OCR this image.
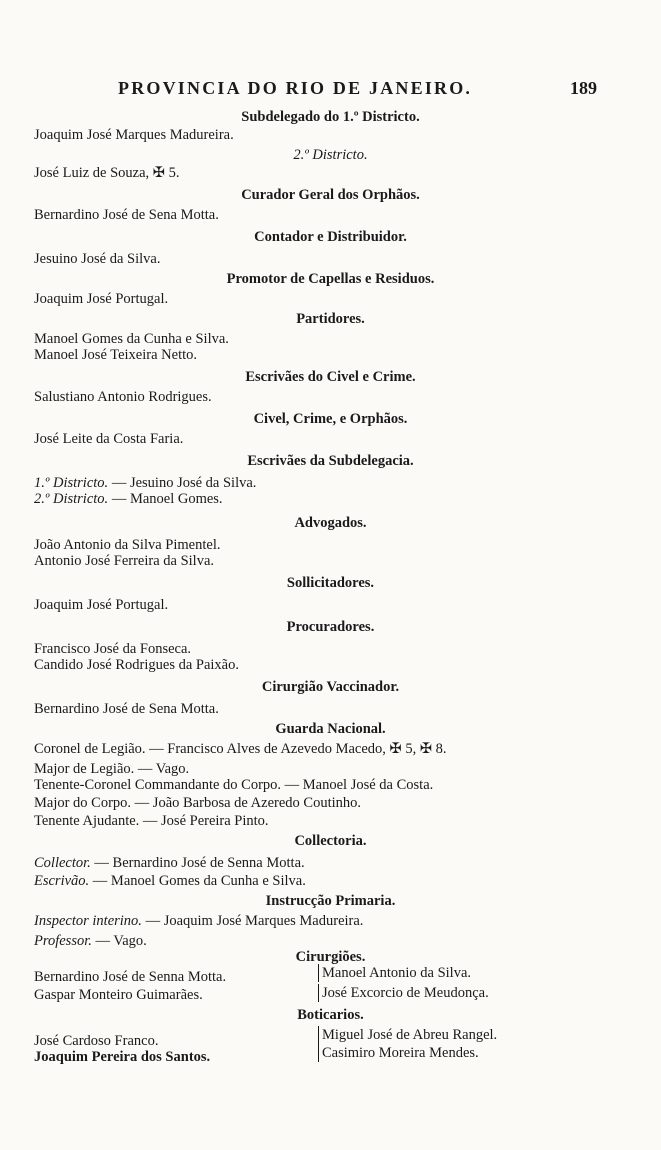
PROVINCIA DO RIO DE JANEIRO.	189
Subdelegado do 1.º Districto.
Joaquim José Marques Madureira.
2.º Districto.
José Luiz de Souza, ✠ 5.
Curador Geral dos Orphãos.
Bernardino José de Sena Motta.
Contador e Distribuidor.
Jesuino José da Silva.
Promotor de Capellas e Residuos.
Joaquim José Portugal.
Partidores.
Manoel Gomes da Cunha e Silva.
Manoel José Teixeira Netto.
Escrivães do Civel e Crime.
Salustiano Antonio Rodrigues.
Civel, Crime, e Orphãos.
José Leite da Costa Faria.
Escrivães da Subdelegacia.
1.º Districto. — Jesuino José da Silva.
2.º Districto. — Manoel Gomes.
Advogados.
João Antonio da Silva Pimentel.
Antonio José Ferreira da Silva.
Sollicitadores.
Joaquim José Portugal.
Procuradores.
Francisco José da Fonseca.
Candido José Rodrigues da Paixão.
Cirurgião Vaccinador.
Bernardino José de Sena Motta.
Guarda Nacional.
Coronel de Legião. — Francisco Alves de Azevedo Macedo, ✠ 5, ✠ 8.
Major de Legião. — Vago.
Tenente-Coronel Commandante do Corpo. — Manoel José da Costa.
Major do Corpo. — João Barbosa de Azeredo Coutinho.
Tenente Ajudante. — José Pereira Pinto.
Collectoria.
Collector. — Bernardino José de Senna Motta.
Escrivão. — Manoel Gomes da Cunha e Silva.
Instrucção Primaria.
Inspector interino. — Joaquim José Marques Madureira.
Professor. — Vago.
Cirurgiões.
Bernardino José de Senna Motta.
Gaspar Monteiro Guimarães.
Manoel Antonio da Silva.
José Excorcio de Meudonça.
Boticarios.
José Cardoso Franco.
Joaquim Pereira dos Santos.
Miguel José de Abreu Rangel.
Casimiro Moreira Mendes.
